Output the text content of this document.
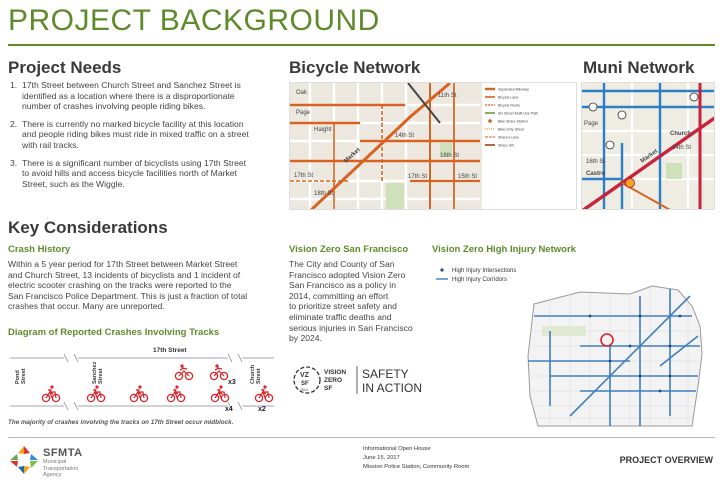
PROJECT BACKGROUND
Project Needs
1. 17th Street between Church Street and Sanchez Street is
identified as a location where there is a disproportionate
number of crashes involving people riding bikes.
2. There is currently no marked bicycle facility at this location
and people riding bikes must ride in mixed traffic on a street
with rail tracks.
3. There is a significant number of bicyclists using 17th Street
to avoid hills and access bicycle facilities north of Market
Street, such as the Wiggle.
Key Considerations
Crash History
Within a 5 year period for 17th Street between Market Street
and Church Street, 13 incidents of bicyclists and 1 incident of
electric scooter crashing on the tracks were reported to the
San Francisco Police Department. This is just a fraction of total
crashes that occur. Many are unreported.
Diagram of Reported Crashes Involving Tracks
17th Street
Pond Street	Sanchez Street	Church Street
x3
x4	x2
The majority of crashes involving the tracks on 17th Street occur midblock.
Bicycle Network
Separated Bikeway
Bicycle Lane
Bicycle Route
SH Street Multi-Use Path
Bike Share Station
Bike-Only Street
Shared Lane
Sharp Hill
Oak
Page
Haight
11th St
14th St
16th St
15th St
17th St
18th St
17th St
Market
Muni Network
Page
Church
14th St
16th St
Castro
Market
Vision Zero San Francisco
The City and County of San
Francisco adopted Vision Zero
San Francisco as a policy in
2014, committing an effort
to prioritize street safety and
eliminate traffic deaths and
serious injuries in San Francisco
by 2024.
VZ
SF
2014
VISION
ZERO
SF
SAFETY
IN ACTION
Vision Zero High Injury Network
High Injury Intersections
High Injury Corridors
SFMTA
Municipal
Transportation
Agency
Informational Open House
June 15, 2017
Mission Police Station, Community Room
PROJECT OVERVIEW
